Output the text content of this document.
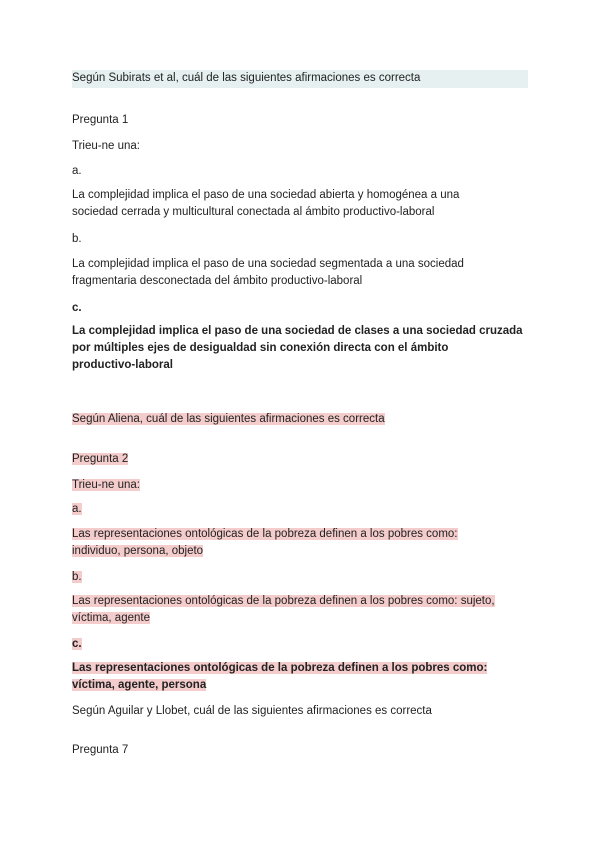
Según Subirats et al, cuál de las siguientes afirmaciones es correcta
Pregunta 1
Trieu-ne una:
a.
La complejidad implica el paso de una sociedad abierta y homogénea a una
sociedad cerrada y multicultural conectada al ámbito productivo-laboral
b.
La complejidad implica el paso de una sociedad segmentada a una sociedad
fragmentaria desconectada del ámbito productivo-laboral
c.
La complejidad implica el paso de una sociedad de clases a una sociedad cruzada
por múltiples ejes de desigualdad sin conexión directa con el ámbito
productivo-laboral
Según Aliena, cuál de las siguientes afirmaciones es correcta
Pregunta 2
Trieu-ne una:
a.
Las representaciones ontológicas de la pobreza definen a los pobres como:
individuo, persona, objeto
b.
Las representaciones ontológicas de la pobreza definen a los pobres como: sujeto,
víctima, agente
c.
Las representaciones ontológicas de la pobreza definen a los pobres como:
víctima, agente, persona
Según Aguilar y Llobet, cuál de las siguientes afirmaciones es correcta
Pregunta 7
